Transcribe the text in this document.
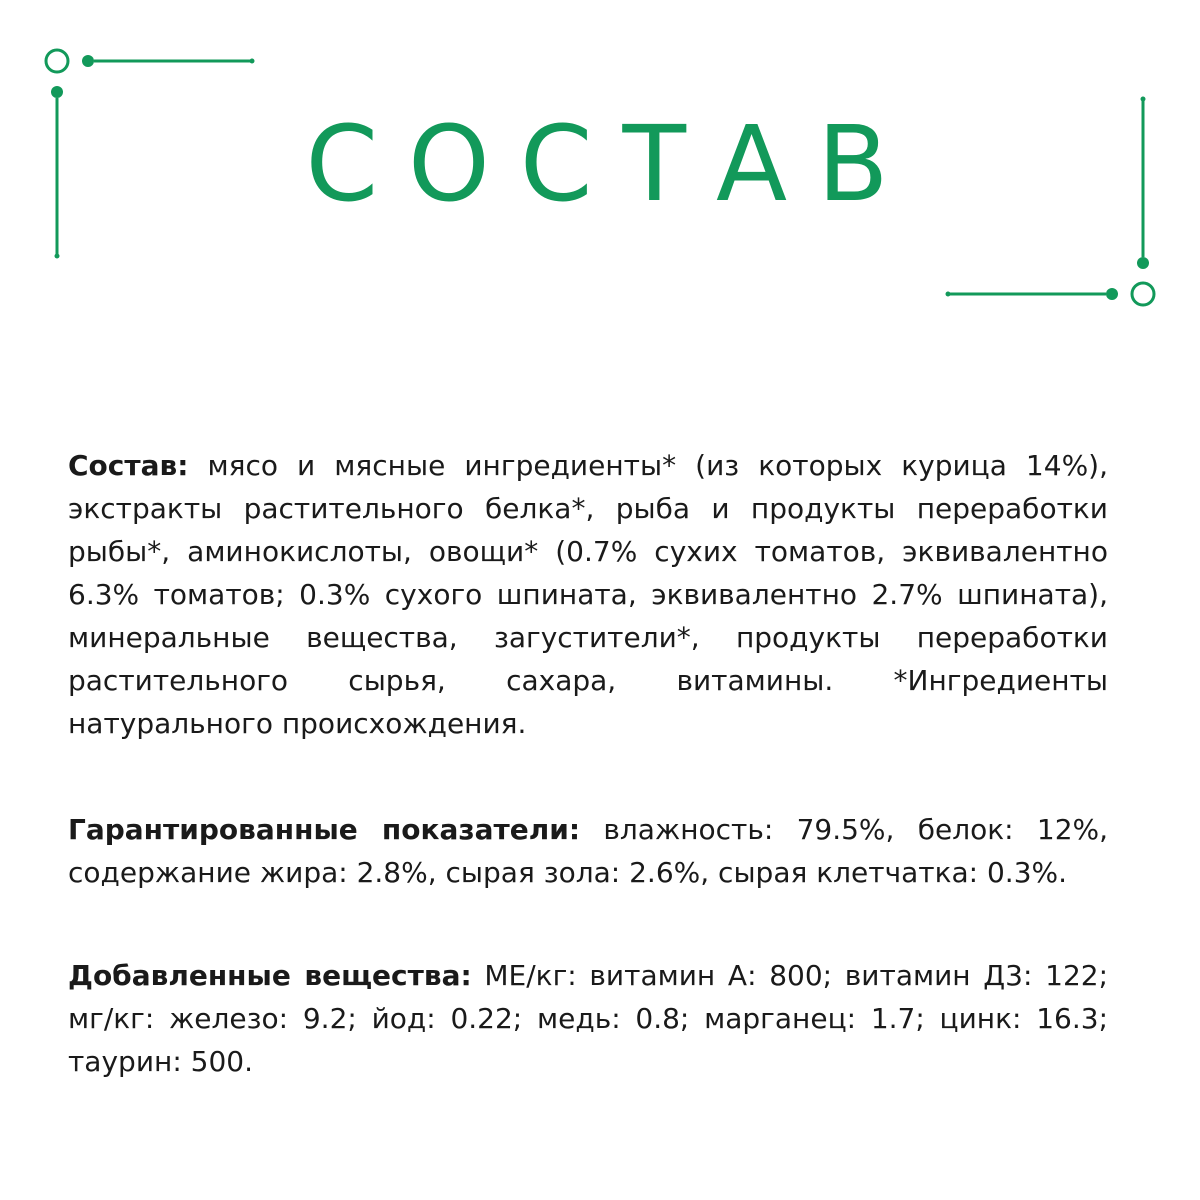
СОСТАВ

Состав: мясо и мясные ингредиенты* (из которых курица 14%), экстракты растительного белка*, рыба и продукты переработки рыбы*, аминокислоты, овощи* (0.7% сухих томатов, эквивалентно 6.3% томатов; 0.3% сухого шпината, эквивалентно 2.7% шпината), минеральные вещества, загустители*, продукты переработки растительного сырья, сахара, витамины. *Ингредиенты натурального происхождения.

Гарантированные показатели: влажность: 79.5%, белок: 12%, содержание жира: 2.8%, сырая зола: 2.6%, сырая клетчатка: 0.3%.

Добавленные вещества: МЕ/кг: витамин А: 800; витамин Д3: 122; мг/кг: железо: 9.2; йод: 0.22; медь: 0.8; марганец: 1.7; цинк: 16.3; таурин: 500.
